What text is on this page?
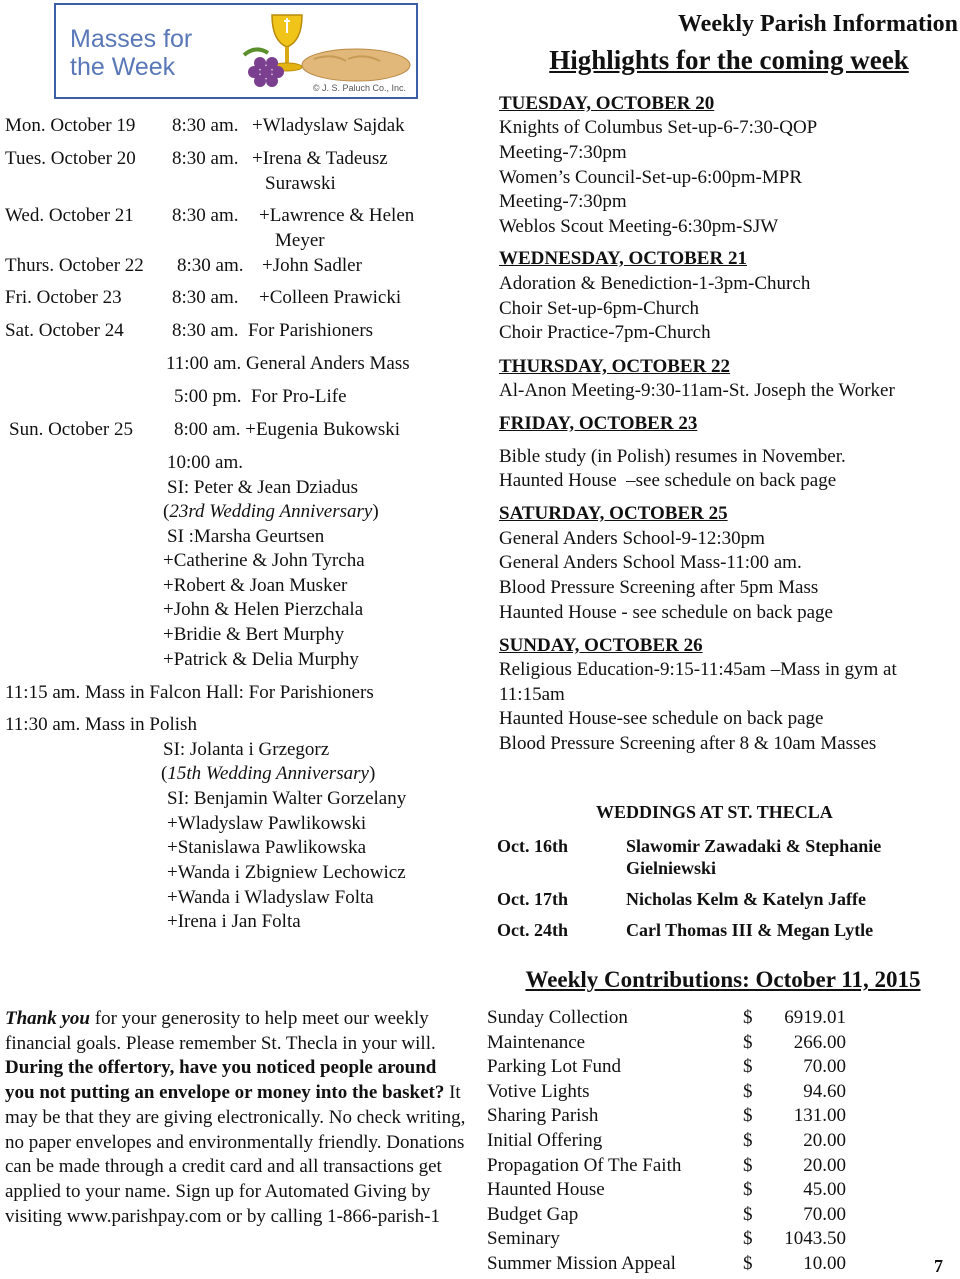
Masses for
the Week
© J. S. Paluch Co., Inc.
Weekly Parish Information
Highlights for the coming week
Mon. October 19 8:30 am. +Wladyslaw Sajdak
Tues. October 20 8:30 am. +Irena & Tadeusz
Surawski
Wed. October 21 8:30 am. +Lawrence & Helen
Meyer
Thurs. October 22 8:30 am. +John Sadler
Fri. October 23	8:30 am. +Colleen Prawicki
Sat. October 24	8:30 am.  For Parishioners
11:00 am. General Anders Mass
5:00 pm.  For Pro-Life
Sun. October 25 8:00 am. +Eugenia Bukowski
10:00 am.
SI: Peter & Jean Dziadus
(23rd Wedding Anniversary)
SI :Marsha Geurtsen
+Catherine & John Tyrcha
+Robert & Joan Musker
+John & Helen Pierzchala
+Bridie & Bert Murphy
+Patrick & Delia Murphy
11:15 am. Mass in Falcon Hall: For Parishioners
11:30 am. Mass in Polish
SI: Jolanta i Grzegorz
(15th Wedding Anniversary)
SI: Benjamin Walter Gorzelany
+Wladyslaw Pawlikowski
+Stanislawa Pawlikowska
+Wanda i Zbigniew Lechowicz
+Wanda i Wladyslaw Folta
+Irena i Jan Folta
TUESDAY, OCTOBER 20
Knights of Columbus Set-up-6-7:30-QOP
Meeting-7:30pm
Women’s Council-Set-up-6:00pm-MPR
Meeting-7:30pm
Weblos Scout Meeting-6:30pm-SJW
WEDNESDAY, OCTOBER 21
Adoration & Benediction-1-3pm-Church
Choir Set-up-6pm-Church
Choir Practice-7pm-Church
THURSDAY, OCTOBER 22
Al-Anon Meeting-9:30-11am-St. Joseph the Worker
FRIDAY, OCTOBER 23
Bible study (in Polish) resumes in November.
Haunted House  –see schedule on back page
SATURDAY, OCTOBER 25
General Anders School-9-12:30pm
General Anders School Mass-11:00 am.
Blood Pressure Screening after 5pm Mass
Haunted House - see schedule on back page
SUNDAY, OCTOBER 26
Religious Education-9:15-11:45am –Mass in gym at
11:15am
Haunted House-see schedule on back page
Blood Pressure Screening after 8 & 10am Masses
WEDDINGS AT ST. THECLA
Oct. 16th	Slawomir Zawadaki & Stephanie
Gielniewski
Oct. 17th	Nicholas Kelm & Katelyn Jaffe
Oct. 24th	Carl Thomas III & Megan Lytle
Weekly Contributions: October 11, 2015
Sunday Collection	$	6919.01
Maintenance	$	266.00
Parking Lot Fund	$	70.00
Votive Lights	$	94.60
Sharing Parish	$	131.00
Initial Offering	$	20.00
Propagation Of The Faith	$	20.00
Haunted House	$	45.00
Budget Gap	$	70.00
Seminary	$	1043.50
Summer Mission Appeal	$	10.00
Thank you for your generosity to help meet our weekly financial goals. Please remember St. Thecla in your will. During the offertory, have you noticed people around you not putting an envelope or money into the basket? It may be that they are giving electronically. No check writing, no paper envelopes and environmentally friendly. Donations can be made through a credit card and all transactions get applied to your name. Sign up for Automated Giving by visiting www.parishpay.com or by calling 1-866-parish-1
7
